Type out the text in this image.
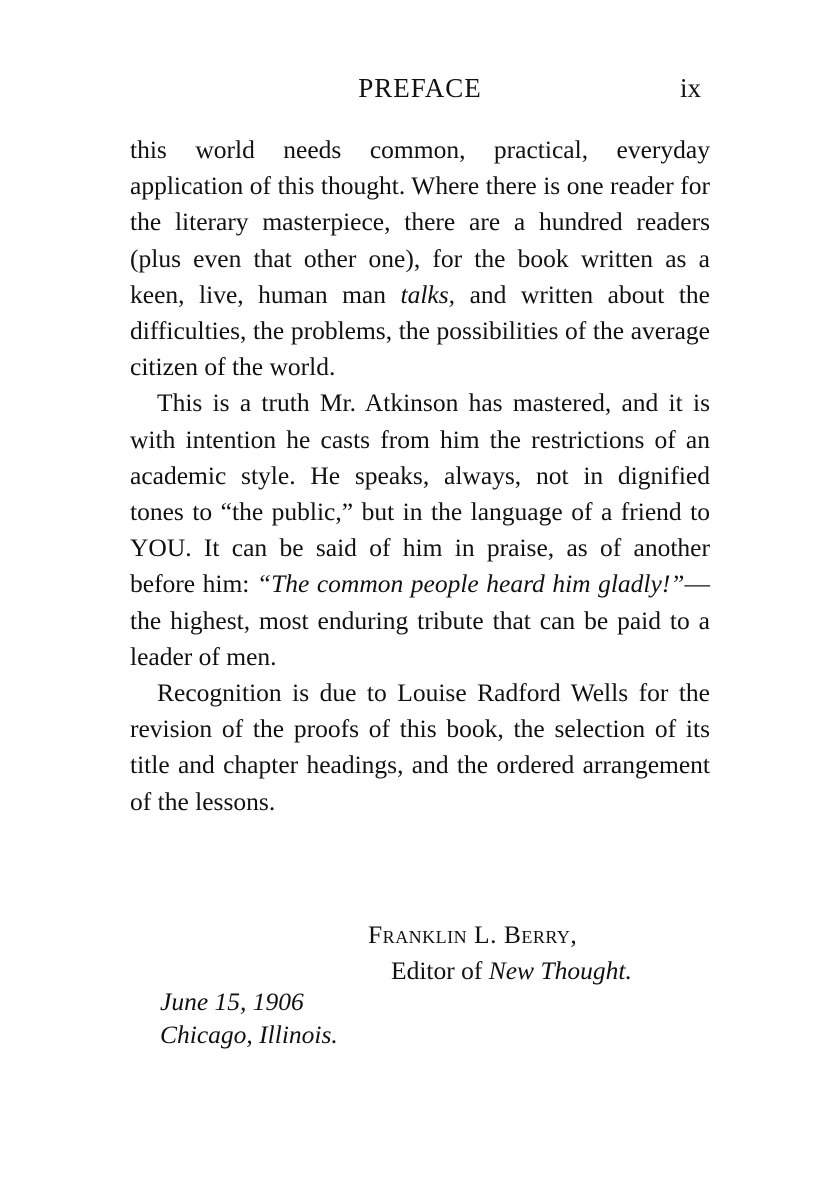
PREFACE	ix

this world needs common, practical, everyday application of this thought. Where there is one reader for the literary masterpiece, there are a hundred readers (plus even that other one), for the book written as a keen, live, human man talks, and written about the difficulties, the problems, the possibilities of the average citizen of the world.

This is a truth Mr. Atkinson has mastered, and it is with intention he casts from him the restrictions of an academic style. He speaks, always, not in dignified tones to “the public,” but in the language of a friend to YOU. It can be said of him in praise, as of another before him: “The common people heard him gladly!”—the highest, most enduring tribute that can be paid to a leader of men.

Recognition is due to Louise Radford Wells for the revision of the proofs of this book, the selection of its title and chapter headings, and the ordered arrangement of the lessons.

Franklin L. Berry,
Editor of New Thought.
June 15, 1906
Chicago, Illinois.
